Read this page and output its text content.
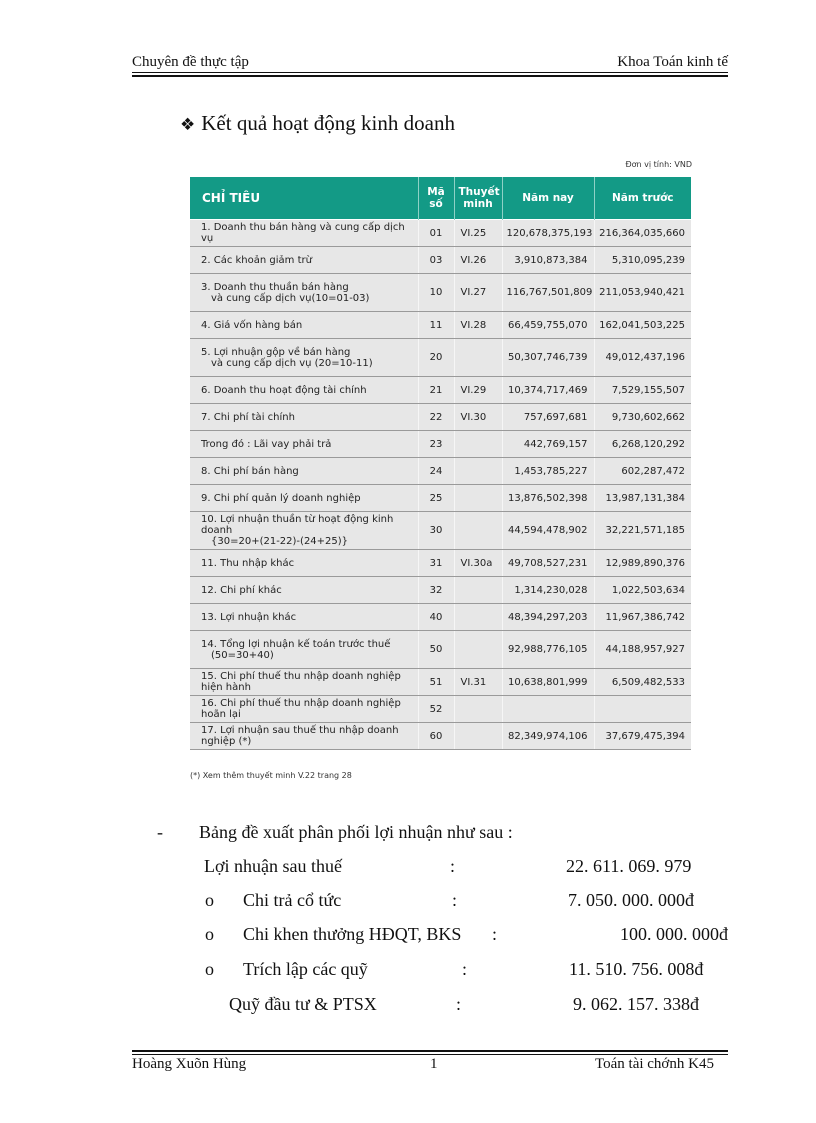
Chuyên đề thực tập	Khoa Toán kinh tế
❖ Kết quả hoạt động kinh doanh
Đơn vị tính: VND
CHỈ TIÊU	Mã số	Thuyết minh	Năm nay	Năm trước
1. Doanh thu bán hàng và cung cấp dịch vụ	01	VI.25	120,678,375,193	216,364,035,660
2. Các khoản giảm trừ	03	VI.26	3,910,873,384	5,310,095,239
3. Doanh thu thuần bán hàng
và cung cấp dịch vụ(10=01-03)	10	VI.27	116,767,501,809	211,053,940,421
4. Giá vốn hàng bán	11	VI.28	66,459,755,070	162,041,503,225
5. Lợi nhuận gộp về bán hàng
và cung cấp dịch vụ (20=10-11)	20		50,307,746,739	49,012,437,196
6. Doanh thu hoạt động tài chính	21	VI.29	10,374,717,469	7,529,155,507
7. Chi phí tài chính	22	VI.30	757,697,681	9,730,602,662
Trong đó : Lãi vay phải trả	23		442,769,157	6,268,120,292
8. Chi phí bán hàng	24		1,453,785,227	602,287,472
9. Chi phí quản lý doanh nghiệp	25		13,876,502,398	13,987,131,384
10. Lợi nhuận thuần từ hoạt động kinh doanh
{30=20+(21-22)-(24+25)}	30		44,594,478,902	32,221,571,185
11. Thu nhập khác	31	VI.30a	49,708,527,231	12,989,890,376
12. Chi phí khác	32		1,314,230,028	1,022,503,634
13. Lợi nhuận khác	40		48,394,297,203	11,967,386,742
14. Tổng lợi nhuận kế toán trước thuế
(50=30+40)	50		92,988,776,105	44,188,957,927
15. Chi phí thuế thu nhập doanh nghiệp hiện hành	51	VI.31	10,638,801,999	6,509,482,533
16. Chi phí thuế thu nhập doanh nghiệp hoãn lại	52			
17. Lợi nhuận sau thuế thu nhập doanh nghiệp (*)	60		82,349,974,106	37,679,475,394
(*) Xem thêm thuyết minh V.22 trang 28
- Bảng đề xuất phân phối lợi nhuận như sau :
Lợi nhuận sau thuế	:	22. 611. 069. 979
o Chi trả cổ tức	:	7. 050. 000. 000đ
o Chi khen thưởng HĐQT, BKS :	100. 000. 000đ
o Trích lập các quỹ	:	11. 510. 756. 008đ
Quỹ đầu tư & PTSX	:	9. 062. 157. 338đ
Hoàng Xuõn Hùng	1	Toán tài chớnh K45
